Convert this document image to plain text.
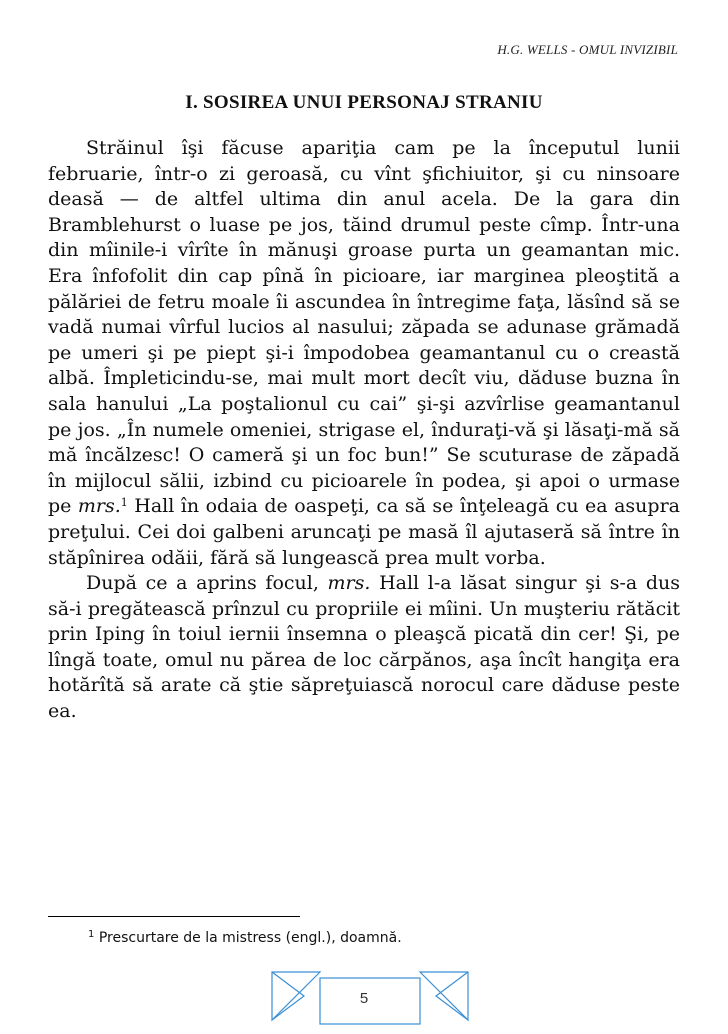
H.G. WELLS - OMUL INVIZIBIL
I. SOSIREA UNUI PERSONAJ STRANIU

Străinul îşi făcuse apariţia cam pe la începutul lunii februarie, într-o zi geroasă, cu vînt şfichiuitor, şi cu ninsoare deasă — de altfel ultima din anul acela. De la gara din Bramblehurst o luase pe jos, tăind drumul peste cîmp. Într-una din mîinile-i vîrîte în mănuşi groase purta un geamantan mic. Era înfofolit din cap pînă în picioare, iar marginea pleoştită a pălăriei de fetru moale îi ascundea în întregime faţa, lăsînd să se vadă numai vîrful lucios al nasului; zăpada se adunase grămadă pe umeri şi pe piept şi-i împodobea geamantanul cu o creastă albă. Împleticindu-se, mai mult mort decît viu, dăduse buzna în sala hanului „La poştalionul cu cai” şi-şi azvîrlise geamantanul pe jos. „În numele omeniei, strigase el, înduraţi-vă şi lăsaţi-mă să mă încălzesc! O cameră şi un foc bun!” Se scuturase de zăpadă în mijlocul sălii, izbind cu picioarele în podea, şi apoi o urmase pe mrs.$^1$ Hall în odaia de oaspeţi, ca să se înţeleagă cu ea asupra preţului. Cei doi galbeni aruncaţi pe masă îl ajutaseră să între în stăpînirea odăii, fără să lungească prea mult vorba.

După ce a aprins focul, mrs. Hall l-a lăsat singur şi s-a dus să-i pregătească prînzul cu propriile ei mîini. Un muşteriu rătăcit prin Iping în toiul iernii însemna o pleaşcă picată din cer! Şi, pe lîngă toate, omul nu părea de loc cărpănos, aşa încît hangiţa era hotărîtă să arate că ştie săpreţuiască norocul care dăduse peste ea.

$^1$ Prescurtare de la mistress (engl.), doamnă.
5
